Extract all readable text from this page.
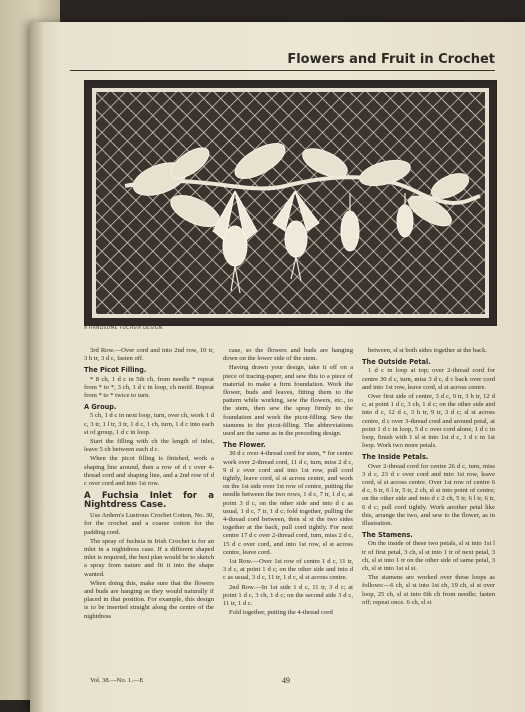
Flowers and Fruit in Crochet
A HANDSOME FUCHSIA DESIGN

3rd Row.—Over cord and into 2nd row, 10 tr, 3 h tr, 3 d c, fasten off.

The Picot Filling.

* 8 ch, 1 d c in 5th ch, from needle * repeat from * to *, 3 ch, 1 d c in loop, ch motif. Repeat from * to * twice to turn.

A Group.

5 ch, 1 d c in next loop, turn, over ch, work 1 d c, 3 tr, 1 l tr, 3 tr, 1 d c, 1 ch, turn, 1 d c into each st of group, 1 d c in loop.

Start the filling with ch the length of inlet, leave 5 ch between each d c.

When the picot filling is finished, work a shaping line around, then a row of d c over 4-thread cord and shaping line, and a 2nd row of d c over cord and into 1st row.

A Fuchsia Inlet for a Nightdress Case.

Use Ardern's Lustrous Crochet Cotton, No. 30, for the crochet and a coarse cotton for the padding cord.

The spray of fuchsia in Irish Crochet is for an inlet in a nightdress case. If a different shaped inlet is required, the best plan would be to sketch a spray from nature and fit it into the shape wanted.

When doing this, make sure that the flowers and buds are hanging as they would naturally if placed in that position. For example, this design is to be inserted straight along the centre of the nightdress

case, so the flowers and buds are hanging down on the lower side of the stem.

Having drawn your design, take it off on a piece of tracing-paper, and sew this to a piece of material to make a firm foundation. Work the flower, buds and leaves, fitting them to the pattern while working, sew the flowers, etc., to the stem, then sew the spray firmly to the foundation and work the picot-filling. Sew the stamens to the picot-filling. The abbreviations used are the same as in the preceding design.

The Flower.

30 d c over 4-thread cord for stem, * for centre work over 2-thread cord, 11 d c, turn, miss 2 d c, 9 d c over cord and into 1st row, pull cord tightly, leave cord, sl st across centre, and work on the 1st side over 1st row of centre, putting the needle between the two rows, 1 d c, 7 tr, 1 d c, at point 3 d c, on the other side and into d c as usual, 1 d c, 7 tr, 1 d c; fold together, pulling the 4-thread cord between, then sl st the two sides together at the back, pull cord tightly. For next centre 17 d c over 2-thread cord, turn, miss 2 d c, 15 d c over cord, and into 1st row, sl st across centre, leave cord.

1st Row.—Over 1st row of centre 1 d c, 11 tr, 3 d c, at point 1 d c; on the other side and into d c as usual, 3 d c, 11 tr, 1 d c, sl st across centre.

2nd Row.—In 1st side 1 d c, 11 tr, 3 d c; at point 1 d c, 3 ch, 1 d c; on the second side 3 d c, 11 tr, 1 d c.

Fold together, putting the 4-thread cord

between, sl st both sides together at the back.

The Outside Petal.

1 d c in loop at top; over 2-thread cord for centre 30 d c, turn, miss 3 d c, d c back over cord and into 1st row, leave cord, sl st across centre.

Over first side of centre, 3 d c, 9 tr, 3 h tr, 12 d c; at point 1 d c, 3 ch, 1 d c; on the other side and into d c, 12 d c, 3 h tr, 9 tr, 3 d c; sl st across centre, d c over 3-thread cord and around petal, at point 1 d c in loop, 5 d c over cord alone, 1 d c in loop, finish with 1 sl st into 1st d c, 1 d c in 1st loop. Work two more petals.

The Inside Petals.

Over 2-thread cord for centre 26 d c, turn, miss 3 d c, 23 d c over cord and into 1st row, leave cord, sl st across centre. Over 1st row of centre 6 d c, 6 tr, 6 l tr, 5 tr, 2 ch, sl st into point of centre; on the other side and into d c 2 ch, 5 tr, 6 l tr, 6 tr, 6 d c; pull cord tightly. Work another petal like this, arrange the two, and sew to the flower, as in illustration.

The Stamens.

On the inside of these two petals, sl st into 1st l tr of first petal, 3 ch, sl st into 1 tr of next petal, 3 ch, sl st into 1 tr on the other side of same petal, 3 ch, sl st into 1st sl st.

The stamens are worked over these loops as follows:—6 ch, sl st into 1st ch, 19 ch, sl st over loop, 25 ch, sl st into 6th ch from needle; fasten off; repeat once. 6 ch, sl st

Vol. 38.—No. 1.—E	49
